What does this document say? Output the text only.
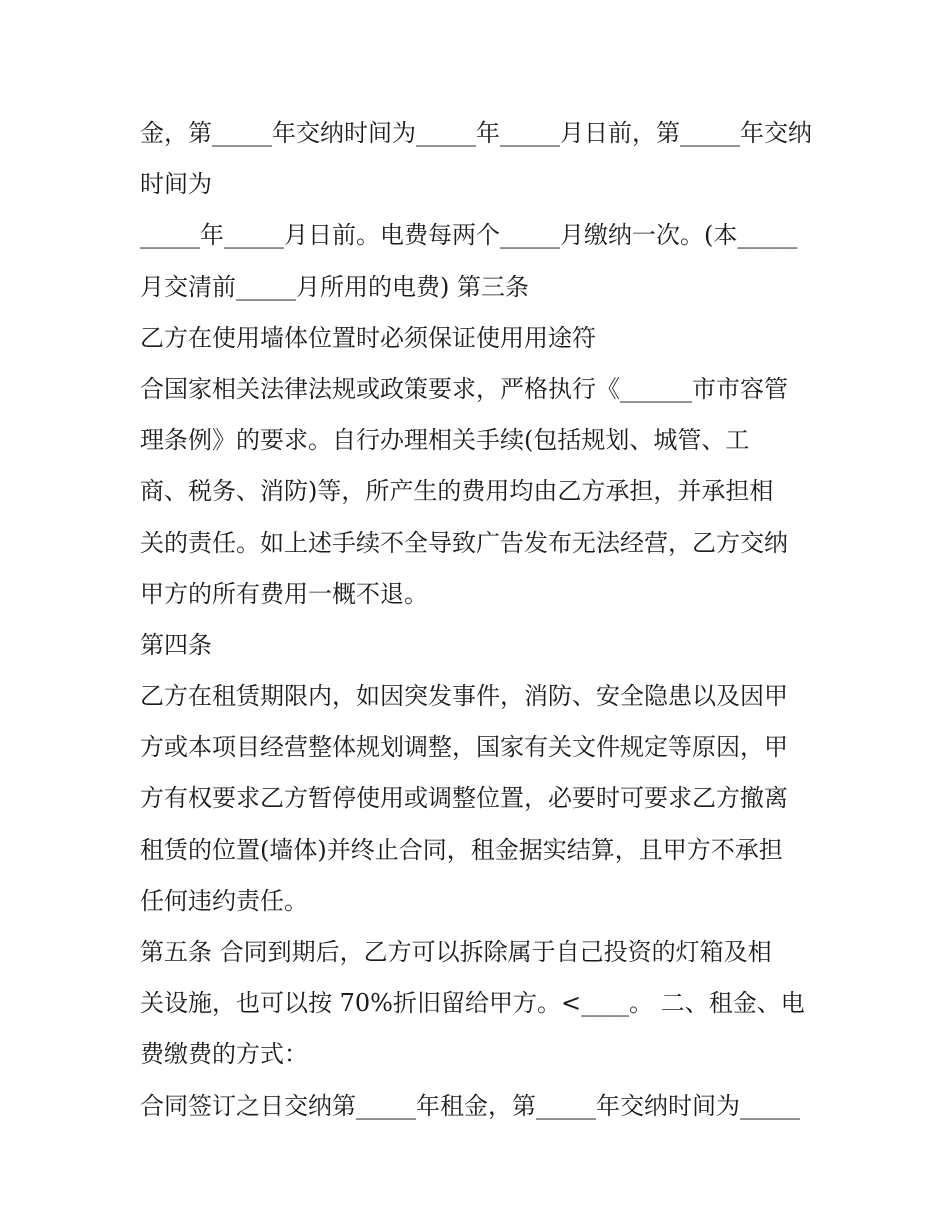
金，第_____年交纳时间为_____年_____月日前，第_____年交纳
时间为
_____年_____月日前。电费每两个_____月缴纳一次。(本_____
月交清前_____月所用的电费) 第三条
乙方在使用墙体位置时必须保证使用用途符
合国家相关法律法规或政策要求，严格执行《______市市容管
理条例》的要求。自行办理相关手续(包括规划、城管、工
商、税务、消防)等，所产生的费用均由乙方承担，并承担相
关的责任。如上述手续不全导致广告发布无法经营，乙方交纳
甲方的所有费用一概不退。
第四条
乙方在租赁期限内，如因突发事件，消防、安全隐患以及因甲
方或本项目经营整体规划调整，国家有关文件规定等原因，甲
方有权要求乙方暂停使用或调整位置，必要时可要求乙方撤离
租赁的位置(墙体)并终止合同，租金据实结算，且甲方不承担
任何违约责任。
第五条 合同到期后，乙方可以拆除属于自己投资的灯箱及相
关设施，也可以按 70%折旧留给甲方。<____。 二、租金、电
费缴费的方式：
合同签订之日交纳第_____年租金，第_____年交纳时间为_____
